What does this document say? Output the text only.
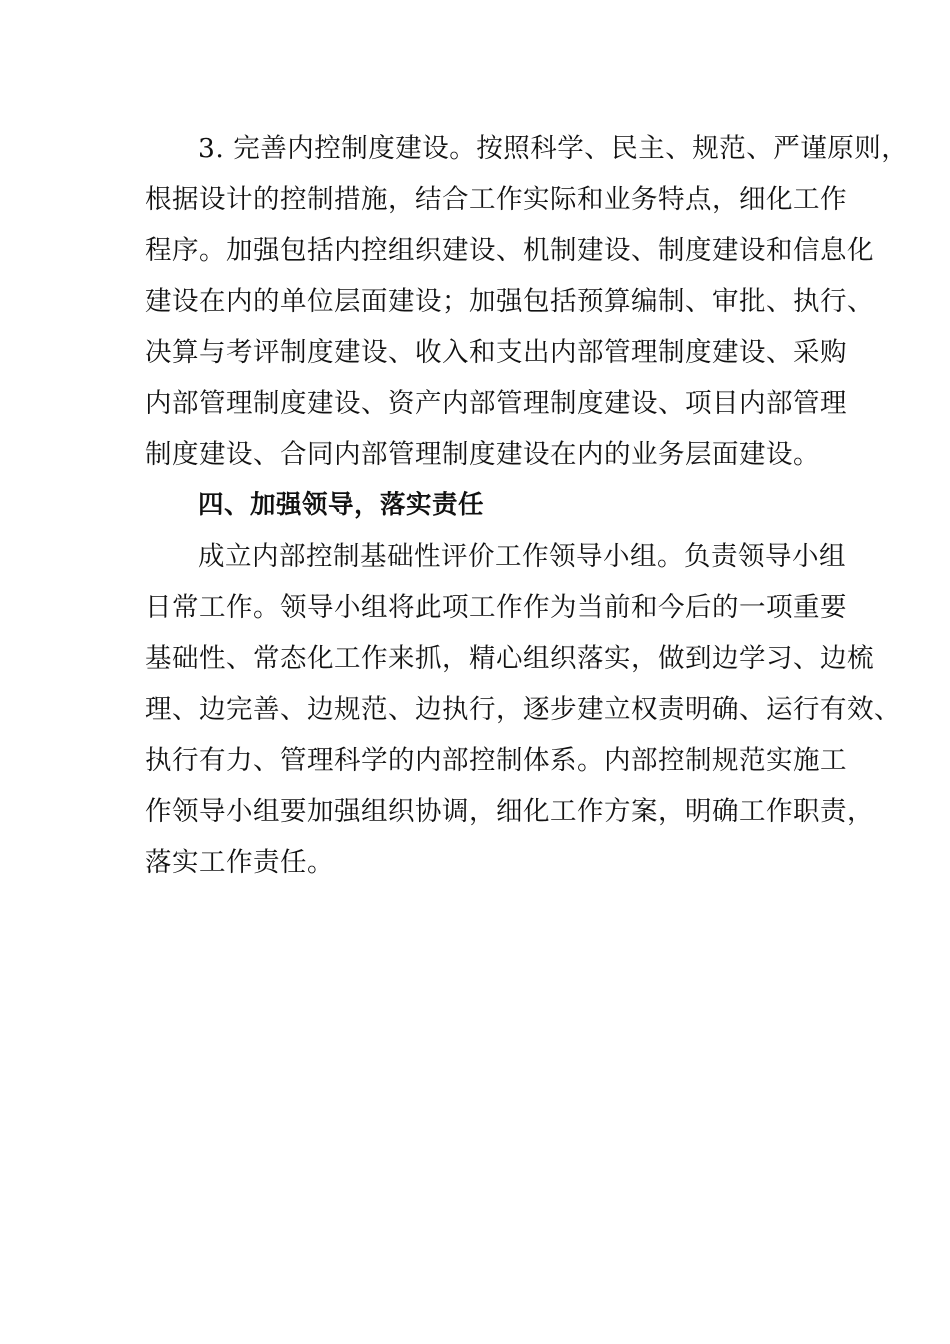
3. 完善内控制度建设。按照科学、民主、规范、严谨原则，
根据设计的控制措施，结合工作实际和业务特点，细化工作
程序。加强包括内控组织建设、机制建设、制度建设和信息化
建设在内的单位层面建设；加强包括预算编制、审批、执行、
决算与考评制度建设、收入和支出内部管理制度建设、采购
内部管理制度建设、资产内部管理制度建设、项目内部管理
制度建设、合同内部管理制度建设在内的业务层面建设。
四、加强领导，落实责任
成立内部控制基础性评价工作领导小组。负责领导小组
日常工作。领导小组将此项工作作为当前和今后的一项重要
基础性、常态化工作来抓，精心组织落实，做到边学习、边梳
理、边完善、边规范、边执行，逐步建立权责明确、运行有效、
执行有力、管理科学的内部控制体系。内部控制规范实施工
作领导小组要加强组织协调，细化工作方案，明确工作职责，
落实工作责任。
